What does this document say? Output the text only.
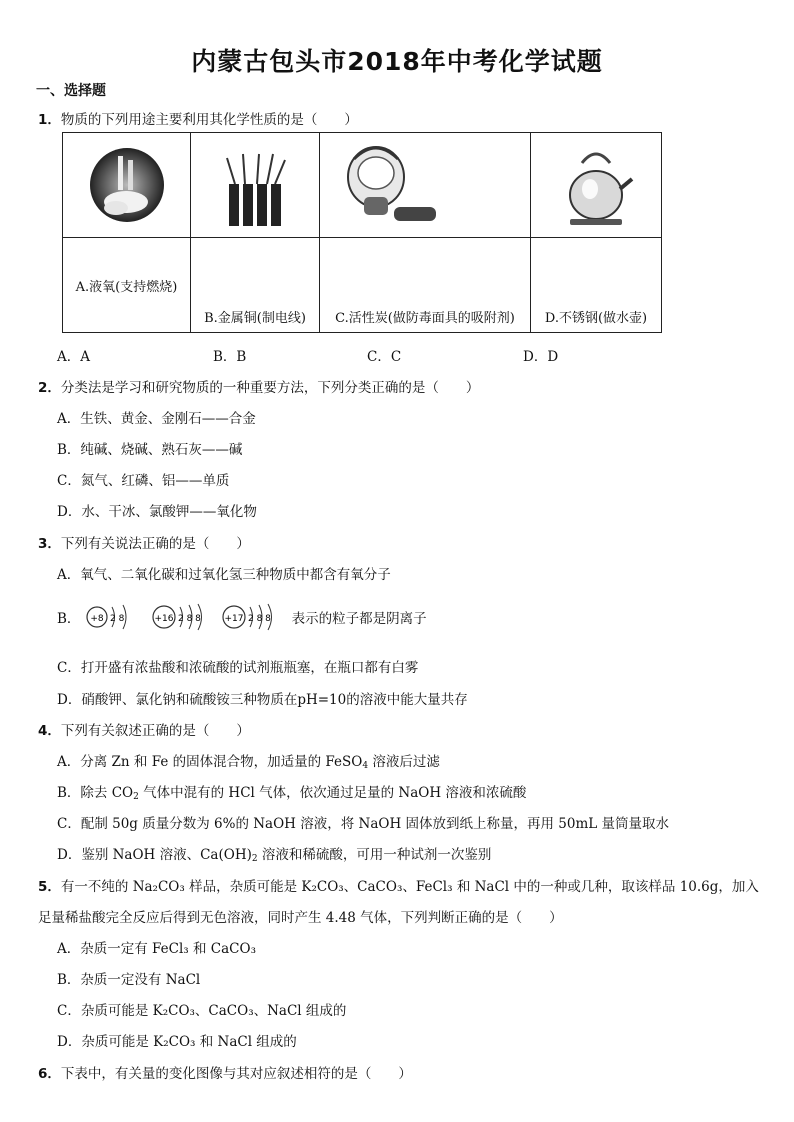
内蒙古包头市2018年中考化学试题
一、选择题
1．物质的下列用途主要利用其化学性质的是（　　）

A.液氧(支持燃烧)	B.金属铜(制电线)	C.活性炭(做防毒面具的吸附剂)	D.不锈钢(做水壶)
A．A	B．B	C．C	D．D
2．分类法是学习和研究物质的一种重要方法，下列分类正确的是（　　）
A．生铁、黄金、金刚石——合金
B．纯碱、烧碱、熟石灰——碱
C．氮气、红磷、铝——单质
D．水、干冰、氯酸钾——氧化物
3．下列有关说法正确的是（　　）
A．氧气、二氧化碳和过氧化氢三种物质中都含有氧分子
B． +8 2 8
	+16 2 8 8
	+17 2 8 8 表示的粒子都是阴离子
C．打开盛有浓盐酸和浓硫酸的试剂瓶瓶塞，在瓶口都有白雾
D．硝酸钾、氯化钠和硫酸铵三种物质在pH=10的溶液中能大量共存
4．下列有关叙述正确的是（　　）
A．分离 Zn 和 Fe 的固体混合物，加适量的 FeSO$_4$ 溶液后过滤
B．除去 $CO_2$ 气体中混有的 HCl 气体，依次通过足量的 NaOH 溶液和浓硫酸
C．配制 50g 质量分数为 6%的 NaOH 溶液，将 NaOH 固体放到纸上称量，再用 50mL 量筒量取水
D．鉴别 NaOH 溶液、$Ca(OH)_2$ 溶液和稀硫酸，可用一种试剂一次鉴别
5．有一不纯的 Na₂CO₃ 样品，杂质可能是 K₂CO₃、CaCO₃、FeCl₃ 和 NaCl 中的一种或几种，取该样品 10.6g，加入
足量稀盐酸完全反应后得到无色溶液，同时产生 4.48 气体，下列判断正确的是（　　）
A．杂质一定有 FeCl₃ 和 CaCO₃
B．杂质一定没有 NaCl
C．杂质可能是 K₂CO₃、CaCO₃、NaCl 组成的
D．杂质可能是 K₂CO₃ 和 NaCl 组成的
6．下表中，有关量的变化图像与其对应叙述相符的是（　　）
